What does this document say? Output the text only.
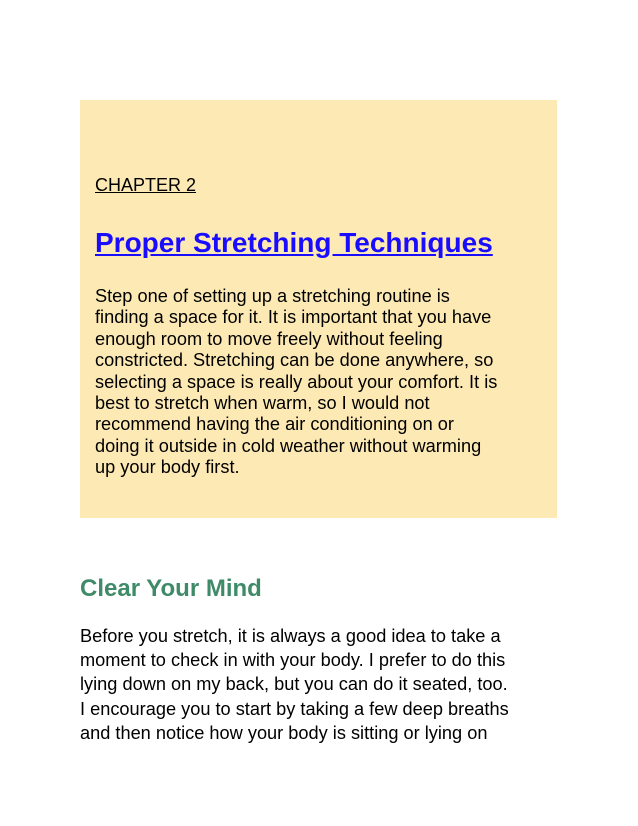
CHAPTER 2
Proper Stretching Techniques

Step one of setting up a stretching routine is
finding a space for it. It is important that you have
enough room to move freely without feeling
constricted. Stretching can be done anywhere, so
selecting a space is really about your comfort. It is
best to stretch when warm, so I would not
recommend having the air conditioning on or
doing it outside in cold weather without warming
up your body first.

Clear Your Mind

Before you stretch, it is always a good idea to take a
moment to check in with your body. I prefer to do this
lying down on my back, but you can do it seated, too.
I encourage you to start by taking a few deep breaths
and then notice how your body is sitting or lying on
